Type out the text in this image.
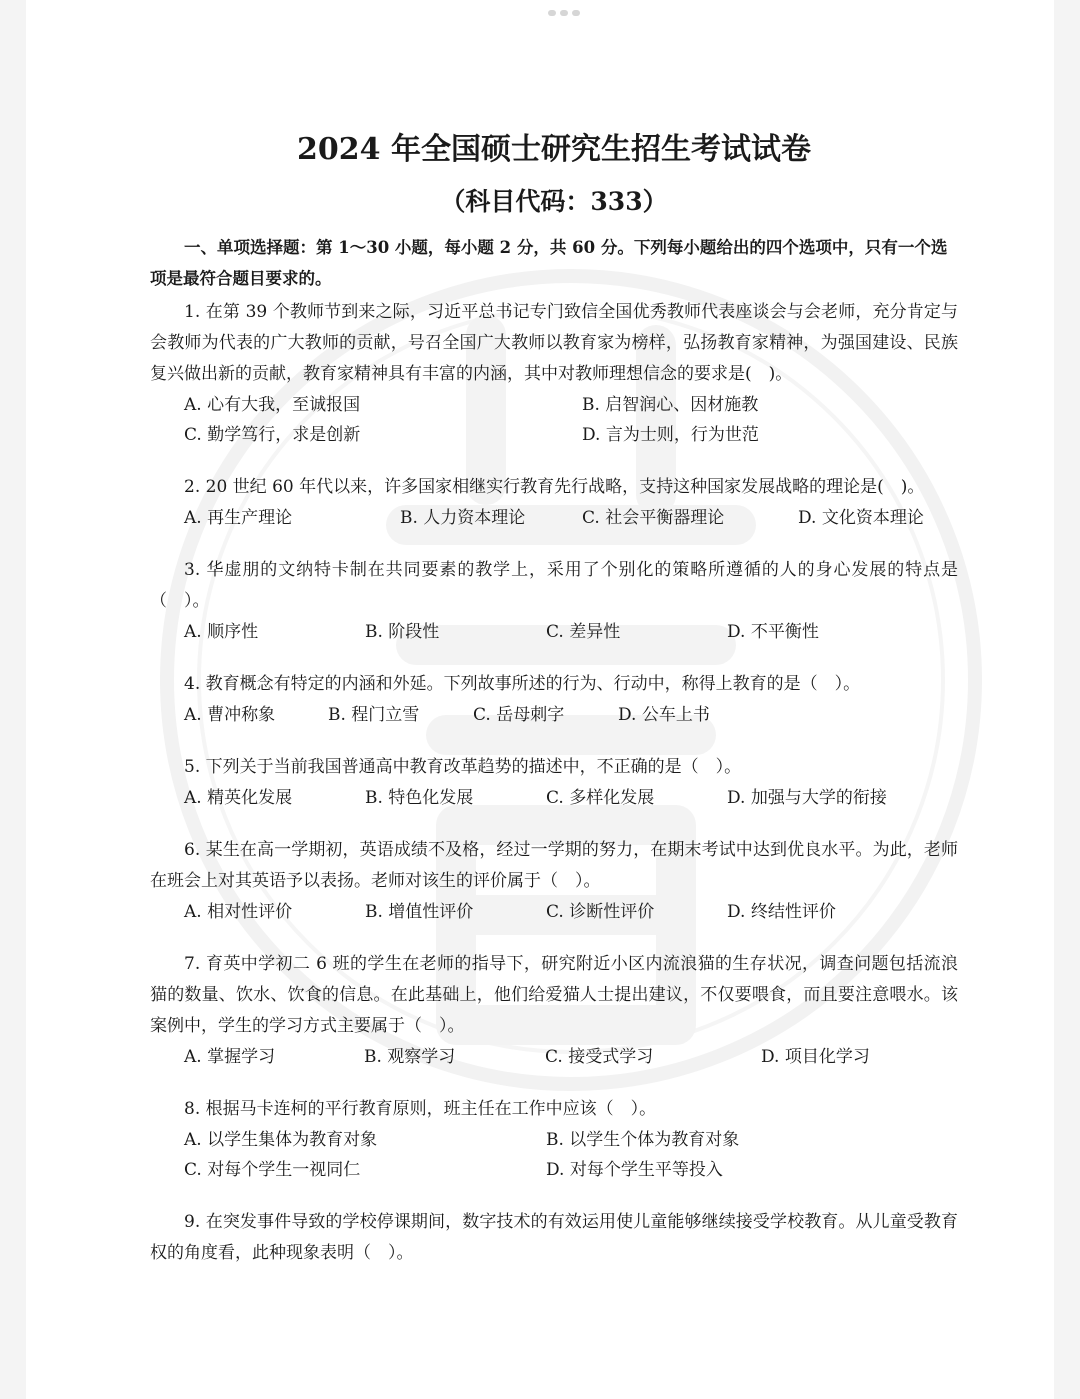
2024 年全国硕士研究生招生考试试卷
（科目代码：333）

一、单项选择题：第 1～30 小题，每小题 2 分，共 60 分。下列每小题给出的四个选项中，只有一个选项是最符合题目要求的。

1. 在第 39 个教师节到来之际，习近平总书记专门致信全国优秀教师代表座谈会与会老师，充分肯定与会教师为代表的广大教师的贡献，号召全国广大教师以教育家为榜样，弘扬教育家精神，为强国建设、民族复兴做出新的贡献，教育家精神具有丰富的内涵，其中对教师理想信念的要求是(　)。

A. 心有大我，至诚报国	B. 启智润心、因材施教
C. 勤学笃行，求是创新	D. 言为士则，行为世范

2. 20 世纪 60 年代以来，许多国家相继实行教育先行战略，支持这种国家发展战略的理论是(　)。

A. 再生产理论	B. 人力资本理论	C. 社会平衡器理论	D. 文化资本理论

3. 华虚朋的文纳特卡制在共同要素的教学上，采用了个别化的策略所遵循的人的身心发展的特点是（　）。

A. 顺序性	B. 阶段性	C. 差异性	D. 不平衡性

4. 教育概念有特定的内涵和外延。下列故事所述的行为、行动中，称得上教育的是（　）。

A. 曹冲称象	B. 程门立雪	C. 岳母刺字	D. 公车上书

5. 下列关于当前我国普通高中教育改革趋势的描述中，不正确的是（　）。

A. 精英化发展	B. 特色化发展	C. 多样化发展	D. 加强与大学的衔接

6. 某生在高一学期初，英语成绩不及格，经过一学期的努力，在期末考试中达到优良水平。为此，老师在班会上对其英语予以表扬。老师对该生的评价属于（　）。

A. 相对性评价	B. 增值性评价	C. 诊断性评价	D. 终结性评价

7. 育英中学初二 6 班的学生在老师的指导下，研究附近小区内流浪猫的生存状况，调查问题包括流浪猫的数量、饮水、饮食的信息。在此基础上，他们给爱猫人士提出建议，不仅要喂食，而且要注意喂水。该案例中，学生的学习方式主要属于（　）。

A. 掌握学习	B. 观察学习	C. 接受式学习	D. 项目化学习

8. 根据马卡连柯的平行教育原则，班主任在工作中应该（　）。

A. 以学生集体为教育对象	B. 以学生个体为教育对象
C. 对每个学生一视同仁	D. 对每个学生平等投入

9. 在突发事件导致的学校停课期间，数字技术的有效运用使儿童能够继续接受学校教育。从儿童受教育权的角度看，此种现象表明（　）。
